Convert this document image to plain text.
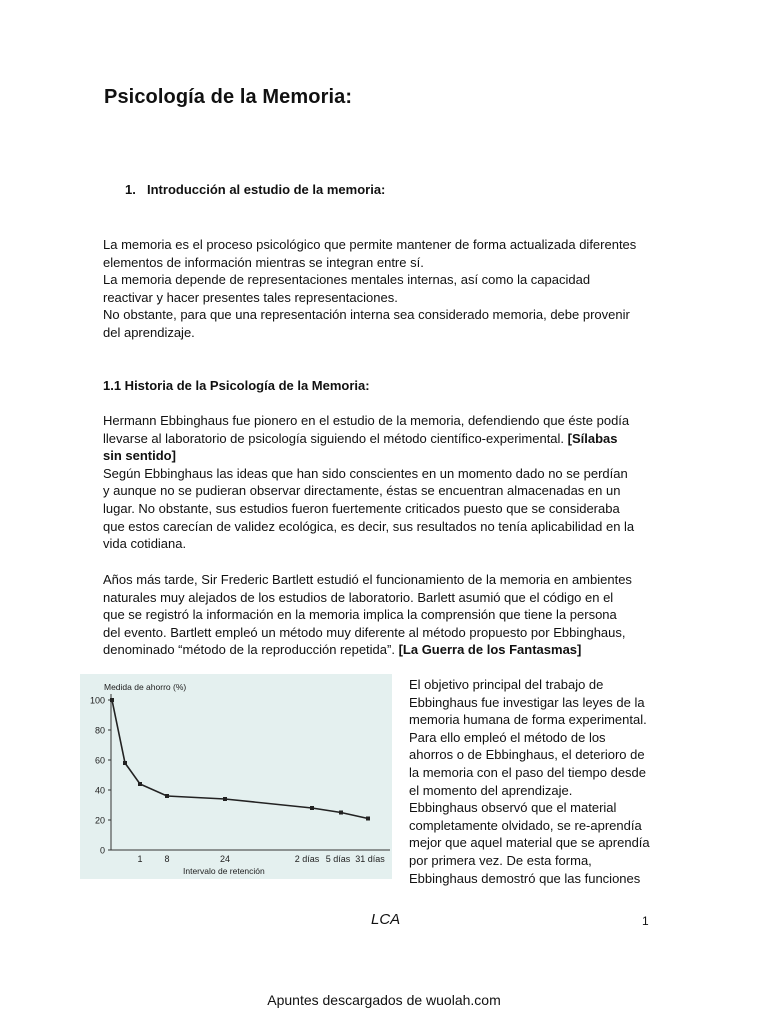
Psicología de la Memoria:
1. Introducción al estudio de la memoria:
La memoria es el proceso psicológico que permite mantener de forma actualizada diferentes
elementos de información mientras se integran entre sí.
La memoria depende de representaciones mentales internas, así como la capacidad
reactivar y hacer presentes tales representaciones.
No obstante, para que una representación interna sea considerado memoria, debe provenir
del aprendizaje.
1.1 Historia de la Psicología de la Memoria:
Hermann Ebbinghaus fue pionero en el estudio de la memoria, defendiendo que éste podía
llevarse al laboratorio de psicología siguiendo el método científico-experimental. [Sílabas
sin sentido]
Según Ebbinghaus las ideas que han sido conscientes en un momento dado no se perdían
y aunque no se pudieran observar directamente, éstas se encuentran almacenadas en un
lugar. No obstante, sus estudios fueron fuertemente criticados puesto que se consideraba
que estos carecían de validez ecológica, es decir, sus resultados no tenía aplicabilidad en la
vida cotidiana.
Años más tarde, Sir Frederic Bartlett estudió el funcionamiento de la memoria en ambientes
naturales muy alejados de los estudios de laboratorio. Barlett asumió que el código en el
que se registró la información en la memoria implica la comprensión que tiene la persona
del evento. Bartlett empleó un método muy diferente al método propuesto por Ebbinghaus,
denominado “método de la reproducción repetida”. [La Guerra de los Fantasmas]
0
20
40
60
80
100
1 8	24	2 días 5 días 31 días
Medida de ahorro (%)
Intervalo de retención
El objetivo principal del trabajo de
Ebbinghaus fue investigar las leyes de la
memoria humana de forma experimental.
Para ello empleó el método de los
ahorros o de Ebbinghaus, el deterioro de
la memoria con el paso del tiempo desde
el momento del aprendizaje.
Ebbinghaus observó que el material
completamente olvidado, se re-aprendía
mejor que aquel material que se aprendía
por primera vez. De esta forma,
Ebbinghaus demostró que las funciones
LCA	1
Apuntes descargados de wuolah.com
